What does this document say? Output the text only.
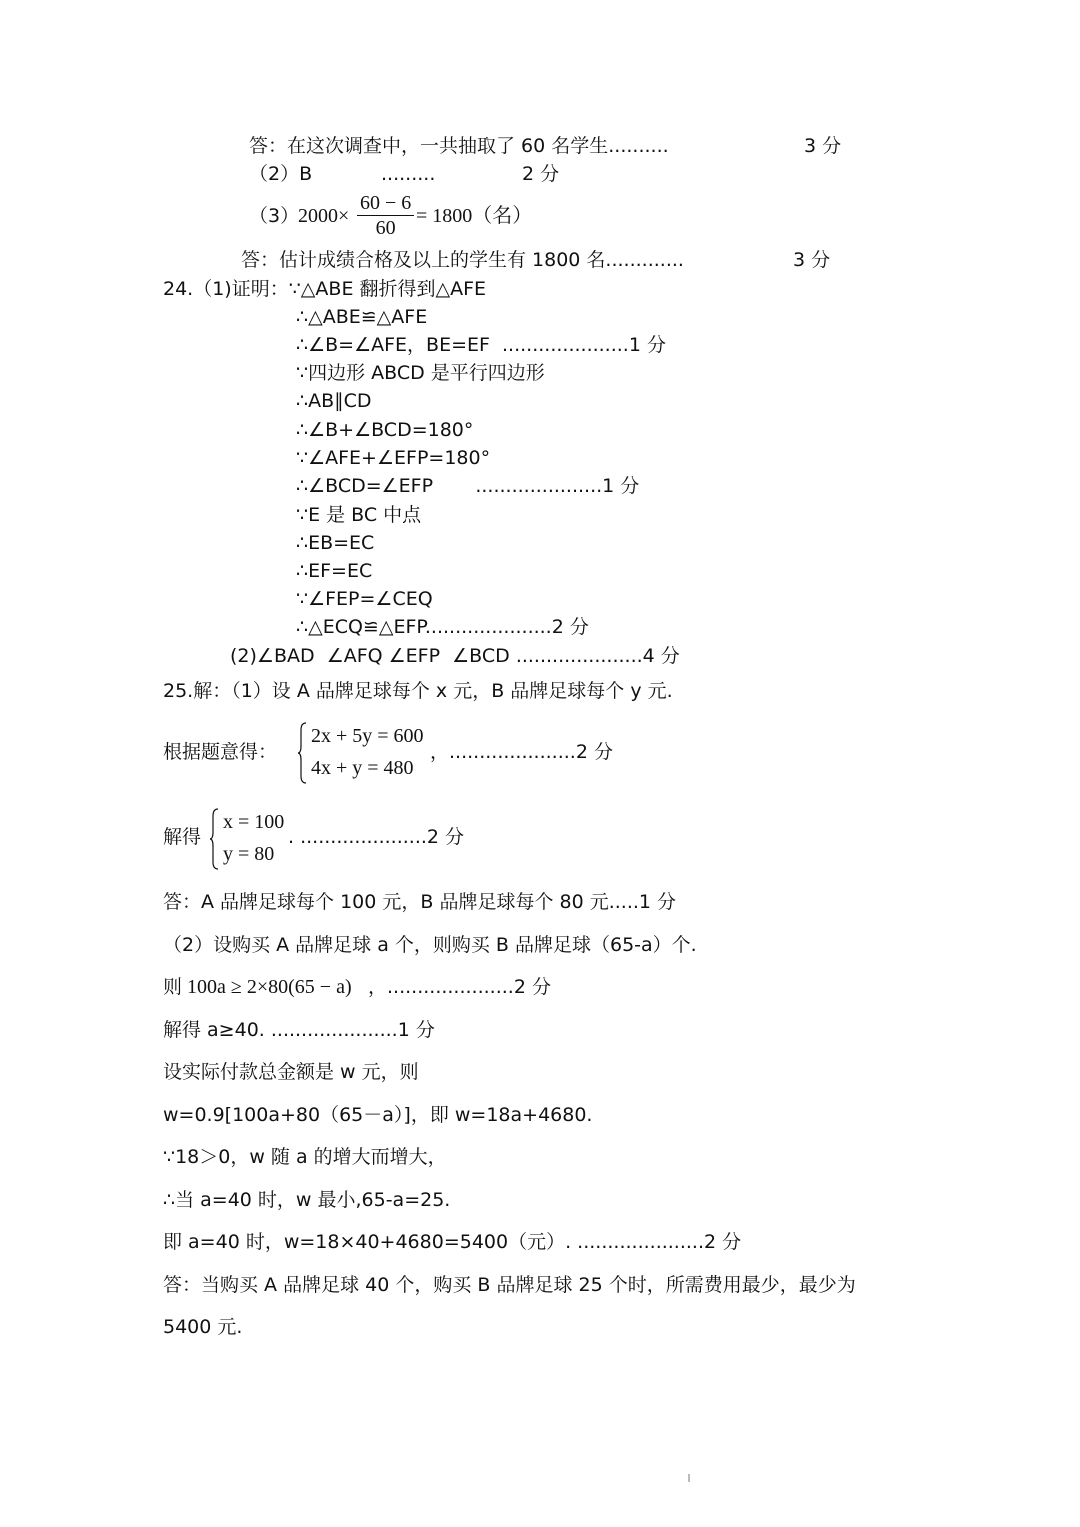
答：在这次调查中，一共抽取了 60 名学生..........	3 分
（2）B	.........	2 分
（3）
$2000\times \frac{60 - 6}{60} = 1800$（名）
答：估计成绩合格及以上的学生有 1800 名.............	3 分
24.（1)证明：∵△ABE 翻折得到△AFE
∴△ABE≌△AFE
∴∠B=∠AFE，BE=EF  .....................1 分
∵四边形 ABCD 是平行四边形
∴AB∥CD
∴∠B+∠BCD=180°
∵∠AFE+∠EFP=180°
∴∠BCD=∠EFP       .....................1 分
∵E 是 BC 中点
∴EB=EC
∴EF=EC
∵∠FEP=∠CEQ
∴△ECQ≌△EFP.....................2 分
(2)∠BAD  ∠AFQ ∠EFP  ∠BCD .....................4 分
25.解：（1）设 A 品牌足球每个 x 元，B 品牌足球每个 y 元.
根据题意得：
2x + 5y = 600
4x + y = 480
，.....................2 分
解得
x = 100
y = 80
. .....................2 分
答：A 品牌足球每个 100 元，B 品牌足球每个 80 元.....1 分
（2）设购买 A 品牌足球 a 个，则购买 B 品牌足球（65-a）个.
则 100a ≥ 2×80(65 − a) ，.....................2 分
解得 a≥40. .....................1 分
设实际付款总金额是 w 元，则
w=0.9[100a+80（65－a）]，即 w=18a+4680.
∵18＞0，w 随 a 的增大而增大，
∴当 a=40 时，w 最小,65-a=25.
即 a=40 时，w=18×40+4680=5400（元）. .....................2 分
答：当购买 A 品牌足球 40 个，购买 B 品牌足球 25 个时，所需费用最少，最少为
5400 元.
